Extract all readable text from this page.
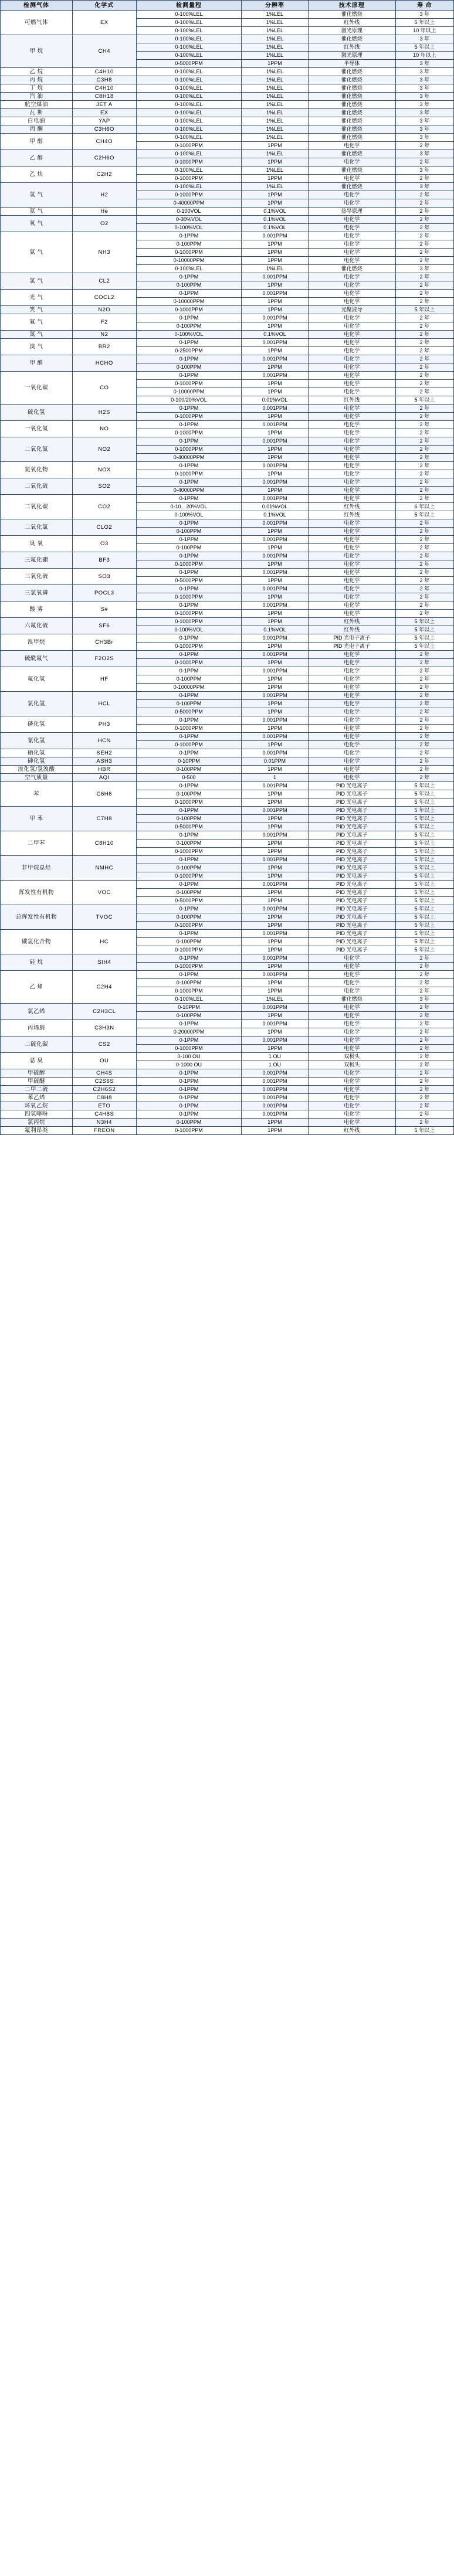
检测气体	化学式	检测量程	分辨率	技术原理	寿 命
可燃气体	EX	0-100%LEL	1%LEL	催化燃烧	3 年
		0-100%LEL	1%LEL	红外线	5 年以上
		0-100%LEL	1%LEL	激光原理	10 年以上
甲 烷	CH4	0-100%LEL	1%LEL	催化燃烧	3 年
		0-100%LEL	1%LEL	红外线	5 年以上
		0-100%LEL	1%LEL	激光原理	10 年以上
		0-5000PPM	1PPM	半导体	3 年
乙 烷	C4H10	0-100%LEL	1%LEL	催化燃烧	3 年
丙 烷	C3H8	0-100%LEL	1%LEL	催化燃烧	3 年
丁 烷	C4H10	0-100%LEL	1%LEL	催化燃烧	3 年
汽 油	C8H18	0-100%LEL	1%LEL	催化燃烧	3 年
航空煤油	JET A	0-100%LEL	1%LEL	催化燃烧	3 年
瓦 斯	EX	0-100%LEL	1%LEL	催化燃烧	3 年
白电油	YAP	0-100%LEL	1%LEL	催化燃烧	3 年
丙 酮	C3H6O	0-100%LEL	1%LEL	催化燃烧	3 年
甲 醇	CH4O	0-100%LEL	1%LEL	催化燃烧	3 年
		0-1000PPM	1PPM	电化学	2 年
乙 醇	C2H6O	0-100%LEL	1%LEL	催化燃烧	3 年
		0-1000PPM	1PPM	电化学	2 年
乙 炔	C2H2	0-100%LEL	1%LEL	催化燃烧	3 年
		0-1000PPM	1PPM	电化学	2 年
氢 气	H2	0-100%LEL	1%LEL	催化燃烧	3 年
		0-1000PPM	1PPM	电化学	2 年
		0-40000PPM	1PPM	电化学	2 年
氦 气	He	0-100VOL	0.1%VOL	热导原理	2 年
氧 气	O2	0-30%VOL	0.1%VOL	电化学	2 年
		0-100%VOL	0.1%VOL	电化学	2 年
氨 气	NH3	0-1PPM	0.001PPM	电化学	2 年
		0-100PPM	1PPM	电化学	2 年
		0-1000PPM	1PPM	电化学	2 年
		0-10000PPM	1PPM	电化学	2 年
		0-100%LEL	1%LEL	催化燃烧	3 年
氯 气	CL2	0-1PPM	0.001PPM	电化学	2 年
		0-100PPM	1PPM	电化学	2 年
光 气	COCL2	0-1PPM	0.001PPM	电化学	2 年
		0-10000PPM	1PPM	电化学	2 年
笑 气	N2O	0-1000PPM	1PPM	光聚波导	5 年以上
氟 气	F2	0-1PPM	0.001PPM	电化学	2 年
		0-100PPM	1PPM	电化学	2 年
氮 气	N2	0-100%VOL	0.1%VOL	电化学	2 年
溴 气	BR2	0-1PPM	0.001PPM	电化学	2 年
		0-2500PPM	1PPM	电化学	2 年
甲 醛	HCHO	0-1PPM	0.001PPM	电化学	2 年
		0-100PPM	1PPM	电化学	2 年
一氧化碳	CO	0-1PPM	0.001PPM	电化学	2 年
		0-1000PPM	1PPM	电化学	2 年
		0-10000PPM	1PPM	电化学	2 年
		0-100/20%VOL	0.01%VOL	红外线	5 年以上
硫化氢	H2S	0-1PPM	0.001PPM	电化学	2 年
		0-1000PPM	1PPM	电化学	2 年
一氧化氮	NO	0-1PPM	0.001PPM	电化学	2 年
		0-1000PPM	1PPM	电化学	2 年
二氧化氮	NO2	0-1PPM	0.001PPM	电化学	2 年
		0-1000PPM	1PPM	电化学	2 年
		0-40000PPM	1PPM	电化学	2 年
氮氧化物	NOX	0-1PPM	0.001PPM	电化学	2 年
		0-1000PPM	1PPM	电化学	2 年
二氧化硫	SO2	0-1PPM	0.001PPM	电化学	2 年
		0-40000PPM	1PPM	电化学	2 年
二氧化碳	CO2	0-1PPM	0.001PPM	电化学	2 年
		0-10、20%VOL	0.01%VOL	红外线	6 年以上
		0-100%VOL	0.1%VOL	红外线	5 年以上
二氧化氯	CLO2	0-1PPM	0.001PPM	电化学	2 年
		0-100PPM	1PPM	电化学	2 年
臭 氧	O3	0-1PPM	0.001PPM	电化学	2 年
		0-100PPM	1PPM	电化学	2 年
三氟化硼	BF3	0-1PPM	0.001PPM	电化学	2 年
		0-1000PPM	1PPM	电化学	2 年
三氧化硫	SO3	0-1PPM	0.001PPM	电化学	2 年
		0-5000PPM	1PPM	电化学	2 年
三氯氧磷	POCL3	0-1PPM	0.001PPM	电化学	2 年
		0-1000PPM	1PPM	电化学	2 年
酸 雾	S#	0-1PPM	0.001PPM	电化学	2 年
		0-1000PPM	1PPM	电化学	2 年
六氟化硫	SF6	0-1000PPM	1PPM	红外线	5 年以上
		0-100%VOL	0.1%VOL	红外线	5 年以上
溴甲烷	CH3Br	0-1PPM	0.001PPM	PID 光电子离子	5 年以上
		0-1000PPM	1PPM	PID 光电子离子	5 年以上
硫酰氟气	F2O2S	0-1PPM	0.001PPM	电化学	2 年
		0-1000PPM	1PPM	电化学	2 年
氟化氢	HF	0-1PPM	0.001PPM	电化学	2 年
		0-100PPM	1PPM	电化学	2 年
		0-10000PPM	1PPM	电化学	2 年
氯化氢	HCL	0-1PPM	0.001PPM	电化学	2 年
		0-100PPM	1PPM	电化学	2 年
		0-5000PPM	1PPM	电化学	2 年
磷化氢	PH3	0-1PPM	0.001PPM	电化学	2 年
		0-1000PPM	1PPM	电化学	2 年
氰化氢	HCN	0-1PPM	0.001PPM	电化学	2 年
		0-1000PPM	1PPM	电化学	2 年
硒化氢	SEH2	0-1PPM	0.001PPM	电化学	2 年
砷化氢	ASH3	0-10PPM	0.01PPM	电化学	2 年
溴化氢/氢溴酸	HBR	0-100PPM	1PPM	电化学	2 年
空气质量	AQI	0-500	1	电化学	2 年
苯	C6H6	0-1PPM	0.001PPM	PID 光电离子	5 年以上
		0-100PPM	1PPM	PID 光电离子	5 年以上
		0-1000PPM	1PPM	PID 光电离子	5 年以上
甲 苯	C7H8	0-1PPM	0.001PPM	PID 光电离子	5 年以上
		0-100PPM	1PPM	PID 光电离子	5 年以上
		0-5000PPM	1PPM	PID 光电离子	5 年以上
二甲苯	C8H10	0-1PPM	0.001PPM	PID 光电离子	5 年以上
		0-100PPM	1PPM	PID 光电离子	5 年以上
		0-1000PPM	1PPM	PID 光电离子	5 年以上
非甲烷总烃	NMHC	0-1PPM	0.001PPM	PID 光电离子	5 年以上
		0-100PPM	1PPM	PID 光电离子	5 年以上
		0-1000PPM	1PPM	PID 光电离子	5 年以上
挥发性有机物	VOC	0-1PPM	0.001PPM	PID 光电离子	5 年以上
		0-100PPM	1PPM	PID 光电离子	5 年以上
		0-5000PPM	1PPM	PID 光电离子	5 年以上
总挥发性有机物	TVOC	0-1PPM	0.001PPM	PID 光电离子	5 年以上
		0-100PPM	1PPM	PID 光电离子	5 年以上
		0-1000PPM	1PPM	PID 光电离子	5 年以上
碳氢化合物	HC	0-1PPM	0.001PPM	PID 光电离子	5 年以上
		0-100PPM	1PPM	PID 光电离子	5 年以上
		0-1000PPM	1PPM	PID 光电离子	5 年以上
硅 烷	SIH4	0-1PPM	0.001PPM	电化学	2 年
		0-1000PPM	1PPM	电化学	2 年
乙 烯	C2H4	0-1PPM	0.001PPM	电化学	2 年
		0-100PPM	1PPM	电化学	2 年
		0-1000PPM	1PPM	电化学	2 年
		0-100%LEL	1%LEL	催化燃烧	3 年
氯乙烯	C2H3CL	0-10PPM	0.001PPM	电化学	2 年
		0-100PPM	1PPM	电化学	2 年
丙烯腈	C3H3N	0-1PPM	0.001PPM	电化学	2 年
		0-20000PPM	1PPM	电化学	2 年
二硫化碳	CS2	0-1PPM	0.001PPM	电化学	2 年
		0-1000PPM	1PPM	电化学	2 年
恶 臭	OU	0-100 OU	1 OU	双极头	2 年
		0-1000 OU	1 OU	双极头	2 年
甲硫醇	CH4S	0-1PPM	0.001PPM	电化学	2 年
甲硫醚	C2S6S	0-1PPM	0.001PPM	电化学	2 年
二甲二硫	C2H6S2	0-1PPM	0.001PPM	电化学	2 年
苯乙烯	C8H8	0-1PPM	0.001PPM	电化学	2 年
环氧乙烷	ETO	0-1PPM	0.001PPM	电化学	2 年
四氢噻吩	C4H8S	0-1PPM	0.001PPM	电化学	2 年
氯丙烷	N3H4	0-100PPM	1PPM	电化学	2 年
氟利昂类	FREON	0-1000PPM	1PPM	红外线	5 年以上
